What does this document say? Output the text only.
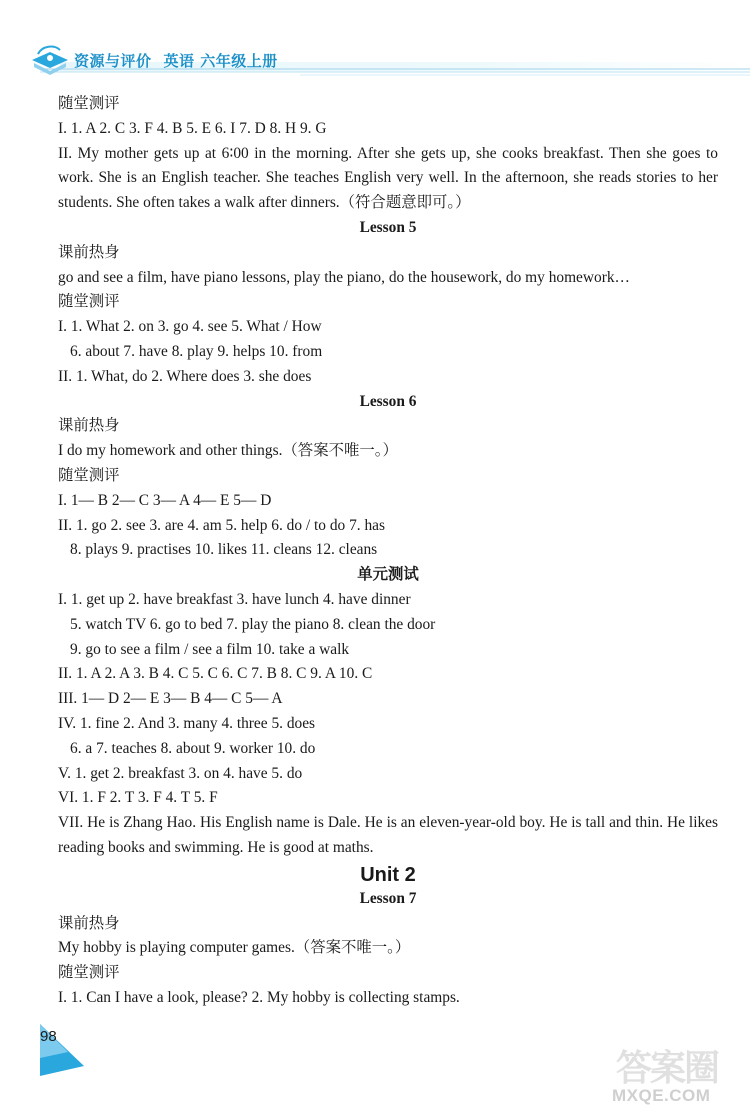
资源与评价 英语 六年级上册
随堂测评
I. 1. A 2. C 3. F 4. B 5. E 6. I 7. D 8. H 9. G
II. My mother gets up at 6∶00 in the morning. After she gets up, she cooks breakfast. Then she goes to work. She is an English teacher. She teaches English very well. In the afternoon, she reads stories to her students. She often takes a walk after dinners.（符合题意即可。）
Lesson 5
课前热身
go and see a film, have piano lessons, play the piano, do the housework, do my homework…
随堂测评
I. 1. What 2. on 3. go 4. see 5. What / How
6. about 7. have 8. play 9. helps 10. from
II. 1. What, do 2. Where does 3. she does
Lesson 6
课前热身
I do my homework and other things.（答案不唯一。）
随堂测评
I. 1— B 2— C 3— A 4— E 5— D
II. 1. go 2. see 3. are 4. am 5. help 6. do / to do 7. has
8. plays 9. practises 10. likes 11. cleans 12. cleans
单元测试
I. 1. get up 2. have breakfast 3. have lunch 4. have dinner
5. watch TV 6. go to bed 7. play the piano 8. clean the door
9. go to see a film / see a film 10. take a walk
II. 1. A 2. A 3. B 4. C 5. C 6. C 7. B 8. C 9. A 10. C
III. 1— D 2— E 3— B 4— C 5— A
IV. 1. fine 2. And 3. many 4. three 5. does
6. a 7. teaches 8. about 9. worker 10. do
V. 1. get 2. breakfast 3. on 4. have 5. do
VI. 1. F 2. T 3. F 4. T 5. F
VII. He is Zhang Hao. His English name is Dale. He is an eleven-year-old boy. He is tall and thin. He likes reading books and swimming. He is good at maths.
Unit 2
Lesson 7
课前热身
My hobby is playing computer games.（答案不唯一。）
随堂测评
I. 1. Can I have a look, please? 2. My hobby is collecting stamps.
98
答案圈
MXQE.COM
